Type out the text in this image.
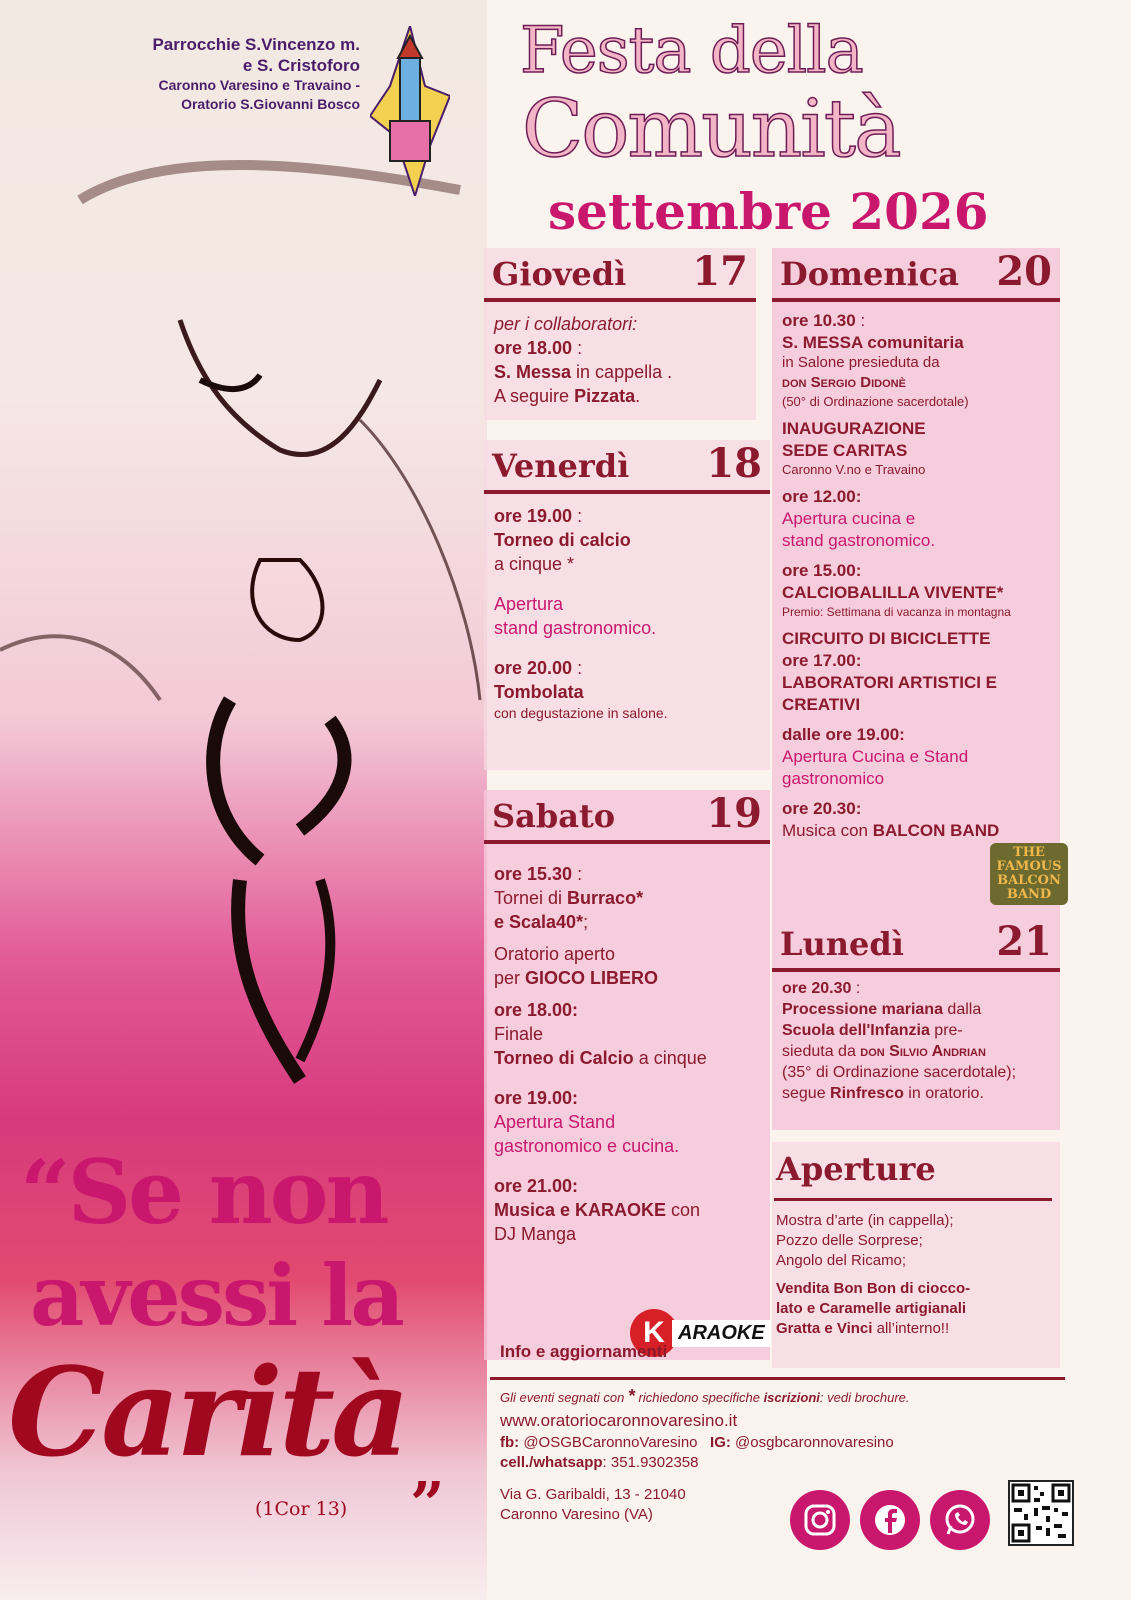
Parrocchie S.Vincenzo m.
e S. Cristoforo
Caronno Varesino e Travaino -
Oratorio S.Giovanni Bosco
“Se non
avessi la
Carità
(1Cor 13) ”
Festa della
Comunità
settembre 2026
Giovedì 17
per i collaboratori:
ore 18.00 :
S. Messa in cappella .
A seguire Pizzata.
Venerdì 18
ore 19.00 :
Torneo di calcio
a cinque *
Apertura
stand gastronomico.
ore 20.00 :
Tombolata
con degustazione in salone.
Sabato 19
ore 15.30 :
Tornei di Burraco*
e Scala40*;
Oratorio aperto
per GIOCO LIBERO
ore 18.00:
Finale
Torneo di Calcio a cinque
ore 19.00:
Apertura Stand
gastronomico e cucina.
ore 21.00:
Musica e KARAOKE con
DJ Manga
K ARAOKE
Domenica 20
ore 10.30 :
S. MESSA comunitaria
in Salone presieduta da
don Sergio Didonè
(50° di Ordinazione sacerdotale)
INAUGURAZIONE
SEDE CARITAS
Caronno V.no e Travaino
ore 12.00:
Apertura cucina e
stand gastronomico.
ore 15.00:
CALCIOBALILLA VIVENTE*
Premio: Settimana di vacanza in montagna
CIRCUITO DI BICICLETTE
ore 17.00:
LABORATORI ARTISTICI E
CREATIVI
dalle ore 19.00:
Apertura Cucina e Stand
gastronomico
ore 20.30:
Musica con BALCON BAND
THE FAMOUS BALCON BAND
Lunedì 21
ore 20.30 :
Processione mariana dalla
Scuola dell'Infanzia pre-
sieduta da don Silvio Andrian
(35° di Ordinazione sacerdotale);
segue Rinfresco in oratorio.
Aperture
Mostra d’arte (in cappella);
Pozzo delle Sorprese;
Angolo del Ricamo;
Vendita Bon Bon di ciocco-
lato e Caramelle artigianali
Gratta e Vinci all’interno!!
Info e aggiornamenti
Gli eventi segnati con * richiedono specifiche iscrizioni: vedi brochure.
www.oratoriocaronnovaresino.it
fb: @OSGBCaronnoVaresino IG: @osgbcaronnovaresino
cell./whatsapp: 351.9302358
Via G. Garibaldi, 13 - 21040
Caronno Varesino (VA)
